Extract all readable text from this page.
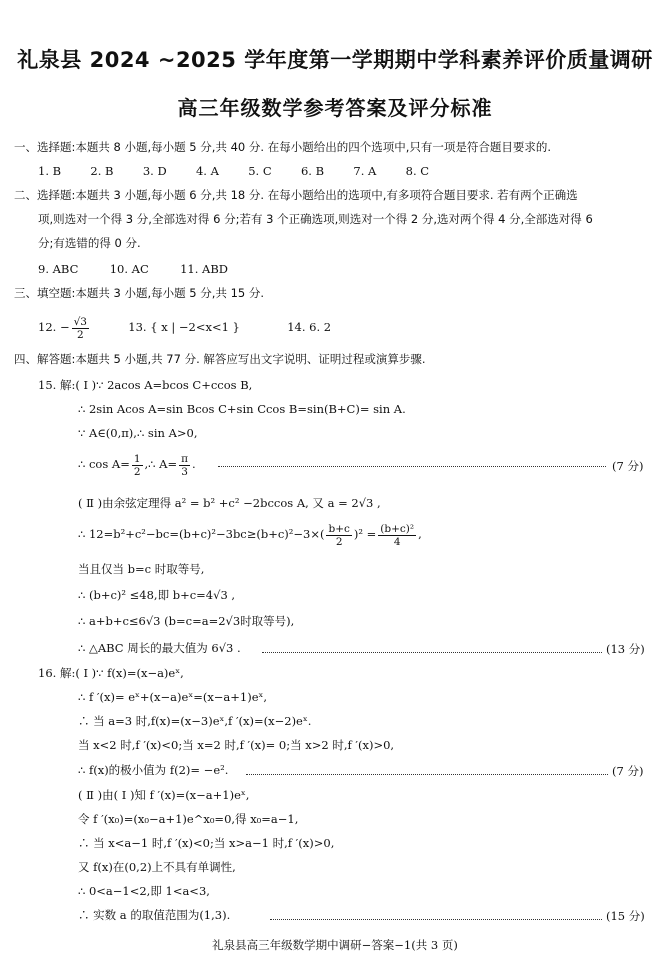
礼泉县 2024 ~2025 学年度第一学期期中学科素养评价质量调研
高三年级数学参考答案及评分标准
一、选择题:本题共 8 小题,每小题 5 分,共 40 分. 在每小题给出的四个选项中,只有一项是符合题目要求的.
1. B	2. B	3. D	4. A	5. C	6. B	7. A	8. C
二、选择题:本题共 3 小题,每小题 6 分,共 18 分. 在每小题给出的选项中,有多项符合题目要求. 若有两个正确选
项,则选对一个得 3 分,全部选对得 6 分;若有 3 个正确选项,则选对一个得 2 分,选对两个得 4 分,全部选对得 6
分;有选错的得 0 分.
9. ABC	10. AC	11. ABD
三、填空题:本题共 3 小题,每小题 5 分,共 15 分.
12. − $\frac{√3}{2}$	13. { x | −2<x<1 }	14. 6. 2
四、解答题:本题共 5 小题,共 77 分. 解答应写出文字说明、证明过程或演算步骤.
15. 解:( Ⅰ )∵ 2acos A=bcos C+ccos B,
∴ 2sin Acos A=sin Bcos C+sin Ccos B=sin(B+C)= sin A.
∵ A∈(0,π),∴ sin A>0,
∴ $\cos A= \frac{1}{2}$ ,∴ $A= \frac{\pi}{3}$ .	(7 分)
( Ⅱ )由余弦定理得 a² = b² +c² −2bccos A, 又 a = 2√3 ,
∴ $12=b^2+c^2-bc=(b+c)^2-3bc\ge(b+c)^2-3\times( \frac{b+c}{2} )^2 = \frac{\text{(b+c)²}}{4}$ ,
当且仅当 b=c 时取等号,
∴ (b+c)² ≤48,即 b+c=4√3 ,
∴ a+b+c≤6√3 (b=c=a=2√3时取等号),
∴ △ABC 周长的最大值为 6√3 .	(13 分)
16. 解:( Ⅰ )∵ f(x)=(x−a)eˣ,
∴ f ′(x)= eˣ+(x−a)eˣ=(x−a+1)eˣ,
∴ 当 a=3 时,f(x)=(x−3)eˣ,f ′(x)=(x−2)eˣ.
当 x<2 时,f ′(x)<0;当 x=2 时,f ′(x)= 0;当 x>2 时,f ′(x)>0,
∴ f(x)的极小值为 f(2)= −e².	(7 分)
( Ⅱ )由( Ⅰ )知 f ′(x)=(x−a+1)eˣ,
令 f ′(x₀)=(x₀−a+1)e^x₀=0,得 x₀=a−1,
∴ 当 x<a−1 时,f ′(x)<0;当 x>a−1 时,f ′(x)>0,
又 f(x)在(0,2)上不具有单调性,
∴ 0<a−1<2,即 1<a<3,
∴ 实数 a 的取值范围为(1,3).	(15 分)
礼泉县高三年级数学期中调研−答案−1(共 3 页)
